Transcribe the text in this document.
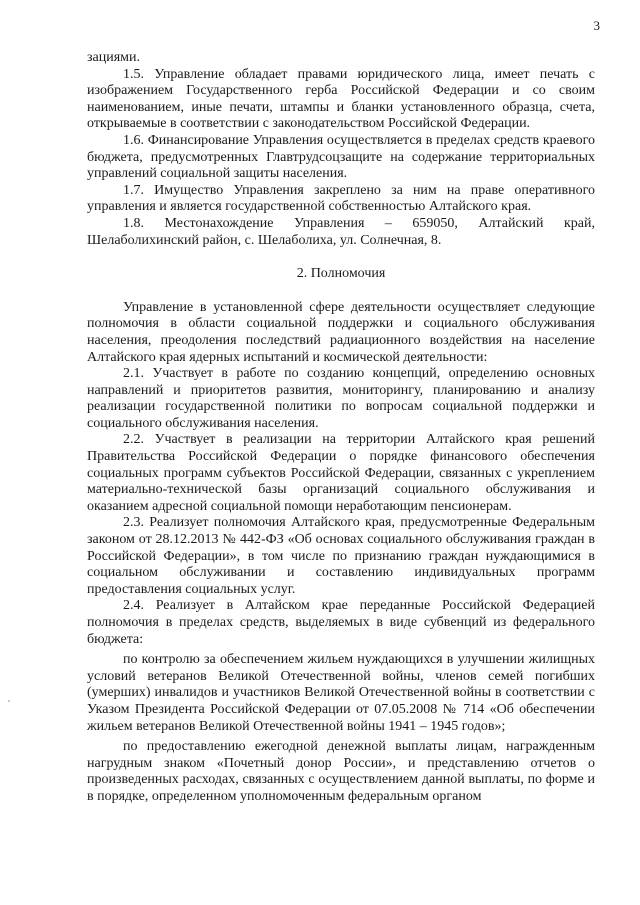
3

зациями.

1.5. Управление обладает правами юридического лица, имеет печать с изображением Государственного герба Российской Федерации и со своим наименованием, иные печати, штампы и бланки установленного образца, счета, открываемые в соответствии с законодательством Российской Федерации.

1.6. Финансирование Управления осуществляется в пределах средств краевого бюджета, предусмотренных Главтрудсоцзащите на содержание территориальных управлений социальной защиты населения.

1.7. Имущество Управления закреплено за ним на праве оперативного управления и является государственной собственностью Алтайского края.

1.8. Местонахождение Управления – 659050, Алтайский край, Шелаболихинский район, с. Шелаболиха, ул. Солнечная, 8.

2. Полномочия

Управление в установленной сфере деятельности осуществляет следующие полномочия в области социальной поддержки и социального обслуживания населения, преодоления последствий радиационного воздействия на население Алтайского края ядерных испытаний и космической деятельности:

2.1. Участвует в работе по созданию концепций, определению основных направлений и приоритетов развития, мониторингу, планированию и анализу реализации государственной политики по вопросам социальной поддержки и социального обслуживания населения.

2.2. Участвует в реализации на территории Алтайского края решений Правительства Российской Федерации о порядке финансового обеспечения социальных программ субъектов Российской Федерации, связанных с укреплением материально-технической базы организаций социального обслуживания и оказанием адресной социальной помощи неработающим пенсионерам.

2.3. Реализует полномочия Алтайского края, предусмотренные Федеральным законом от 28.12.2013 № 442-ФЗ «Об основах социального обслуживания граждан в Российской Федерации», в том числе по признанию граждан нуждающимися в социальном обслуживании и составлению индивидуальных программ предоставления социальных услуг.

2.4. Реализует в Алтайском крае переданные Российской Федерацией полномочия в пределах средств, выделяемых в виде субвенций из федерального бюджета:

по контролю за обеспечением жильем нуждающихся в улучшении жилищных условий ветеранов Великой Отечественной войны, членов семей погибших (умерших) инвалидов и участников Великой Отечественной войны в соответствии с Указом Президента Российской Федерации от 07.05.2008 № 714 «Об обеспечении жильем ветеранов Великой Отечественной войны 1941 – 1945 годов»;

по предоставлению ежегодной денежной выплаты лицам, награжденным нагрудным знаком «Почетный донор России», и представлению отчетов о произведенных расходах, связанных с осуществлением данной выплаты, по форме и в порядке, определенном уполномоченным федеральным органом
